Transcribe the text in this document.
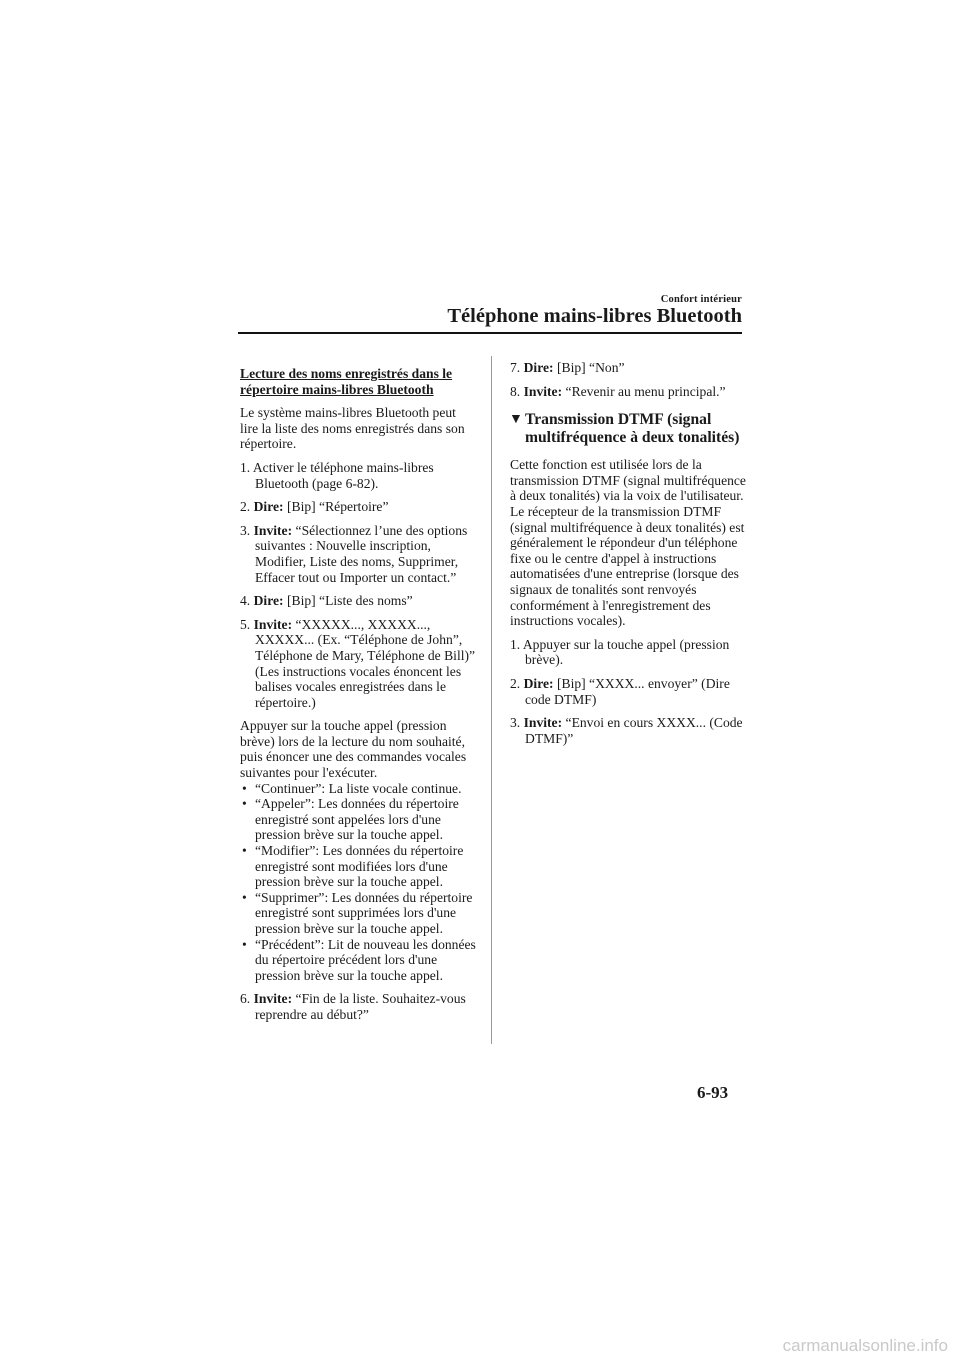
Confort intérieur
Téléphone mains-libres Bluetooth
Lecture des noms enregistrés dans le
répertoire mains-libres Bluetooth

Le système mains-libres Bluetooth peut lire la liste des noms enregistrés dans son répertoire.

1. Activer le téléphone mains-libres Bluetooth (page 6-82).
2. Dire: [Bip] “Répertoire”
3. Invite: “Sélectionnez l’une des options suivantes : Nouvelle inscription, Modifier, Liste des noms, Supprimer, Effacer tout ou Importer un contact.”
4. Dire: [Bip] “Liste des noms”
5. Invite: “XXXXX..., XXXXX..., XXXXX... (Ex. “Téléphone de John”, Téléphone de Mary, Téléphone de Bill)” (Les instructions vocales énoncent les balises vocales enregistrées dans le répertoire.)

Appuyer sur la touche appel (pression brève) lors de la lecture du nom souhaité, puis énoncer une des commandes vocales suivantes pour l'exécuter.

• “Continuer”: La liste vocale continue.
• “Appeler”: Les données du répertoire enregistré sont appelées lors d'une pression brève sur la touche appel.
• “Modifier”: Les données du répertoire enregistré sont modifiées lors d'une pression brève sur la touche appel.
• “Supprimer”: Les données du répertoire enregistré sont supprimées lors d'une pression brève sur la touche appel.
• “Précédent”: Lit de nouveau les données du répertoire précédent lors d'une pression brève sur la touche appel.
6. Invite: “Fin de la liste. Souhaitez-vous reprendre au début?”
7. Dire: [Bip] “Non”
8. Invite: “Revenir au menu principal.”
▼ Transmission DTMF (signal multifréquence à deux tonalités)

Cette fonction est utilisée lors de la transmission DTMF (signal multifréquence à deux tonalités) via la voix de l'utilisateur. Le récepteur de la transmission DTMF (signal multifréquence à deux tonalités) est généralement le répondeur d'un téléphone fixe ou le centre d'appel à instructions automatisées d'une entreprise (lorsque des signaux de tonalités sont renvoyés conformément à l'enregistrement des instructions vocales).

1. Appuyer sur la touche appel (pression brève).
2. Dire: [Bip] “XXXX... envoyer” (Dire code DTMF)
3. Invite: “Envoi en cours XXXX... (Code DTMF)”
6-93
carmanualsonline.info
